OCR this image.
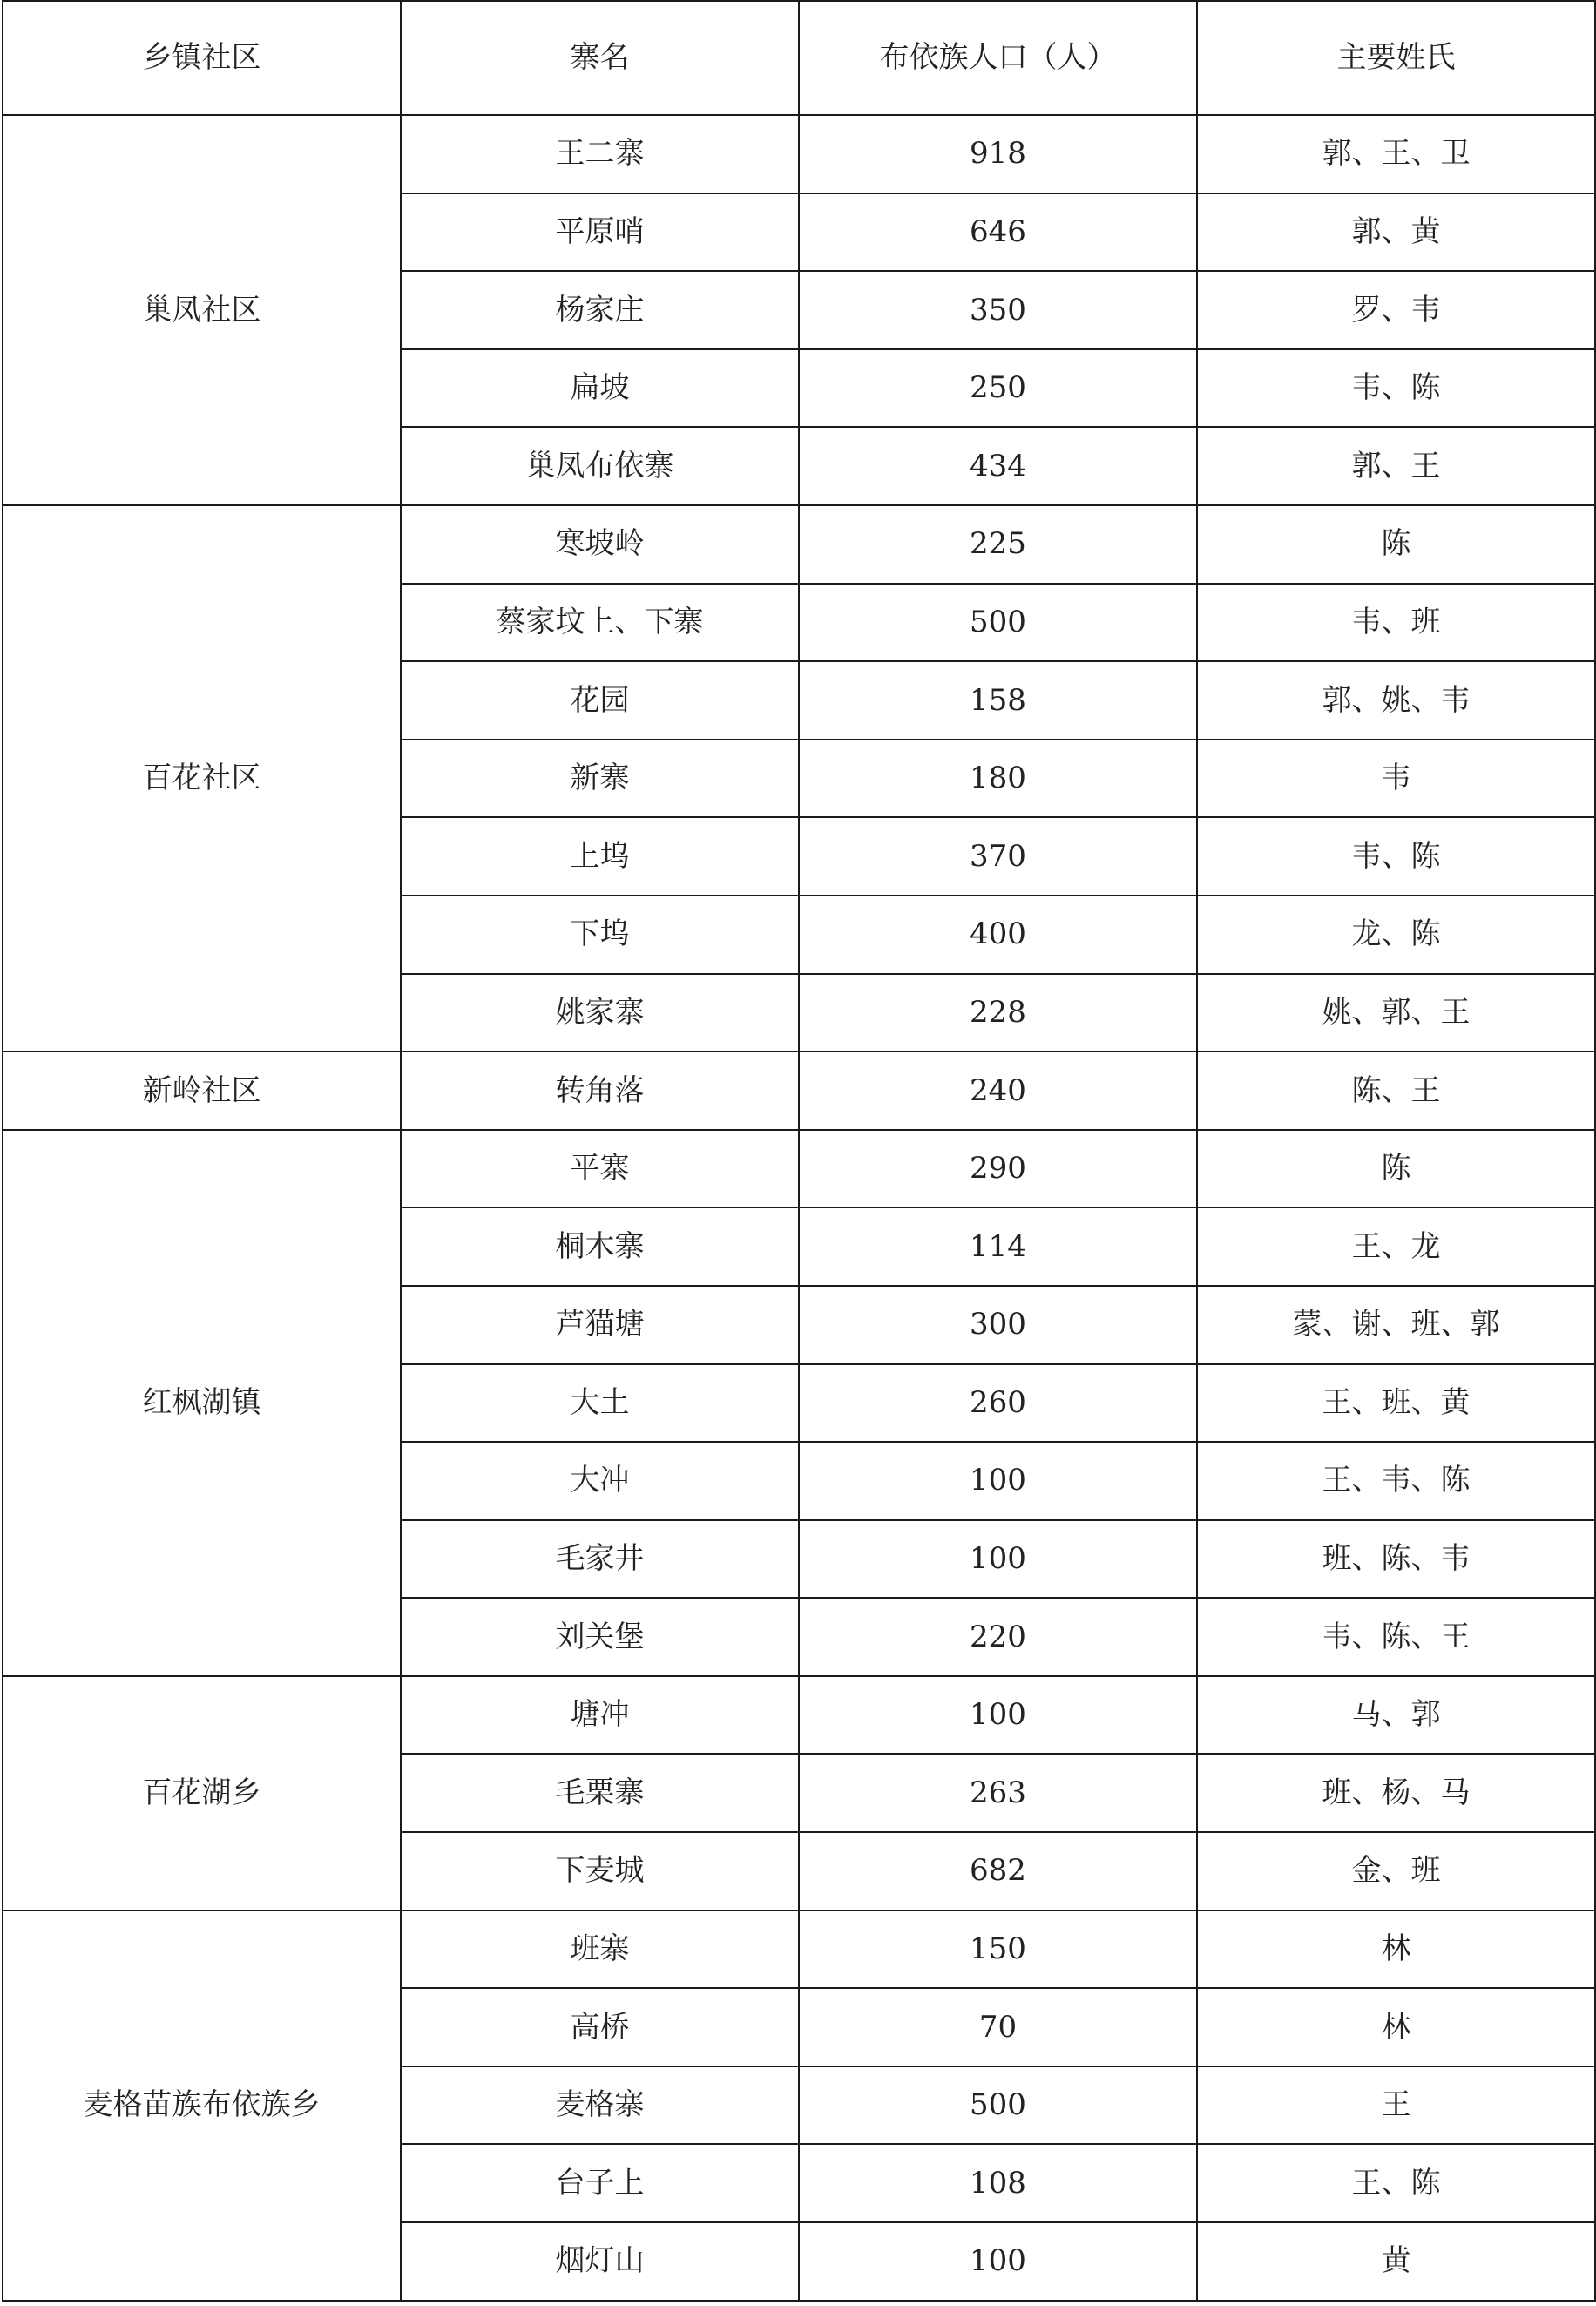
乡镇社区	寨名	布依族人口（人）	主要姓氏
巢凤社区	王二寨	918	郭、王、卫
	平原哨	646	郭、黄
	杨家庄	350	罗、韦
	扁坡	250	韦、陈
	巢凤布依寨	434	郭、王
百花社区	寒坡岭	225	陈
	蔡家坟上、下寨	500	韦、班
	花园	158	郭、姚、韦
	新寨	180	韦
	上坞	370	韦、陈
	下坞	400	龙、陈
	姚家寨	228	姚、郭、王
新岭社区	转角落	240	陈、王
红枫湖镇	平寨	290	陈
	桐木寨	114	王、龙
	芦猫塘	300	蒙、谢、班、郭
	大土	260	王、班、黄
	大冲	100	王、韦、陈
	毛家井	100	班、陈、韦
	刘关堡	220	韦、陈、王
百花湖乡	塘冲	100	马、郭
	毛栗寨	263	班、杨、马
	下麦城	682	金、班
麦格苗族布依族乡	班寨	150	林
	高桥	70	林
	麦格寨	500	王
	台子上	108	王、陈
	烟灯山	100	黄
